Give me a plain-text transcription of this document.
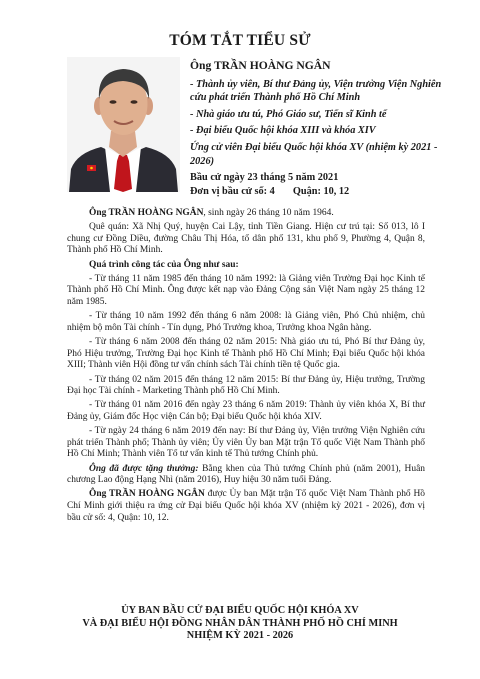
TÓM TẮT TIỂU SỬ
Ông TRẦN HOÀNG NGÂN
- Thành ủy viên, Bí thư Đảng ủy, Viện trưởng Viện Nghiên cứu phát triển Thành phố Hồ Chí Minh
- Nhà giáo ưu tú, Phó Giáo sư, Tiến sĩ Kinh tế
- Đại biểu Quốc hội khóa XIII và khóa XIV
Ứng cử viên Đại biểu Quốc hội khóa XV (nhiệm kỳ 2021 - 2026)
Bầu cử ngày 23 tháng 5 năm 2021
Đơn vị bầu cử số: 4 Quận: 10, 12

Ông TRẦN HOÀNG NGÂN, sinh ngày 26 tháng 10 năm 1964.

Quê quán: Xã Nhị Quý, huyện Cai Lậy, tỉnh Tiền Giang. Hiện cư trú tại: Số 013, lô I chung cư Đồng Diều, đường Châu Thị Hóa, tổ dân phố 131, khu phố 9, Phường 4, Quận 8, Thành phố Hồ Chí Minh.

Quá trình công tác của Ông như sau:

- Từ tháng 11 năm 1985 đến tháng 10 năm 1992: là Giảng viên Trường Đại học Kinh tế Thành phố Hồ Chí Minh. Ông được kết nạp vào Đảng Cộng sản Việt Nam ngày 25 tháng 12 năm 1985.

- Từ tháng 10 năm 1992 đến tháng 6 năm 2008: là Giảng viên, Phó Chủ nhiệm, chủ nhiệm bộ môn Tài chính - Tín dụng, Phó Trưởng khoa, Trưởng khoa Ngân hàng.

- Từ tháng 6 năm 2008 đến tháng 02 năm 2015: Nhà giáo ưu tú, Phó Bí thư Đảng ủy, Phó Hiệu trưởng, Trường Đại học Kinh tế Thành phố Hồ Chí Minh; Đại biểu Quốc hội khóa XIII; Thành viên Hội đồng tư vấn chính sách Tài chính tiền tệ Quốc gia.

- Từ tháng 02 năm 2015 đến tháng 12 năm 2015: Bí thư Đảng ủy, Hiệu trưởng, Trường Đại học Tài chính - Marketing Thành phố Hồ Chí Minh.

- Từ tháng 01 năm 2016 đến ngày 23 tháng 6 năm 2019: Thành ủy viên khóa X, Bí thư Đảng ủy, Giám đốc Học viện Cán bộ; Đại biểu Quốc hội khóa XIV.

- Từ ngày 24 tháng 6 năm 2019 đến nay: Bí thư Đảng ủy, Viện trưởng Viện Nghiên cứu phát triển Thành phố; Thành ủy viên; Ủy viên Ủy ban Mặt trận Tổ quốc Việt Nam Thành phố Hồ Chí Minh; Thành viên Tổ tư vấn kinh tế Thủ tướng Chính phủ.

Ông đã được tặng thưởng: Bằng khen của Thủ tướng Chính phủ (năm 2001), Huân chương Lao động Hạng Nhì (năm 2016), Huy hiệu 30 năm tuổi Đảng.

Ông TRẦN HOÀNG NGÂN được Ủy ban Mặt trận Tổ quốc Việt Nam Thành phố Hồ Chí Minh giới thiệu ra ứng cử Đại biểu Quốc hội khóa XV (nhiệm kỳ 2021 - 2026), đơn vị bầu cử số: 4, Quận: 10, 12.

ỦY BAN BẦU CỬ ĐẠI BIỂU QUỐC HỘI KHÓA XV
VÀ ĐẠI BIỂU HỘI ĐỒNG NHÂN DÂN THÀNH PHỐ HỒ CHÍ MINH
NHIỆM KỲ 2021 - 2026
